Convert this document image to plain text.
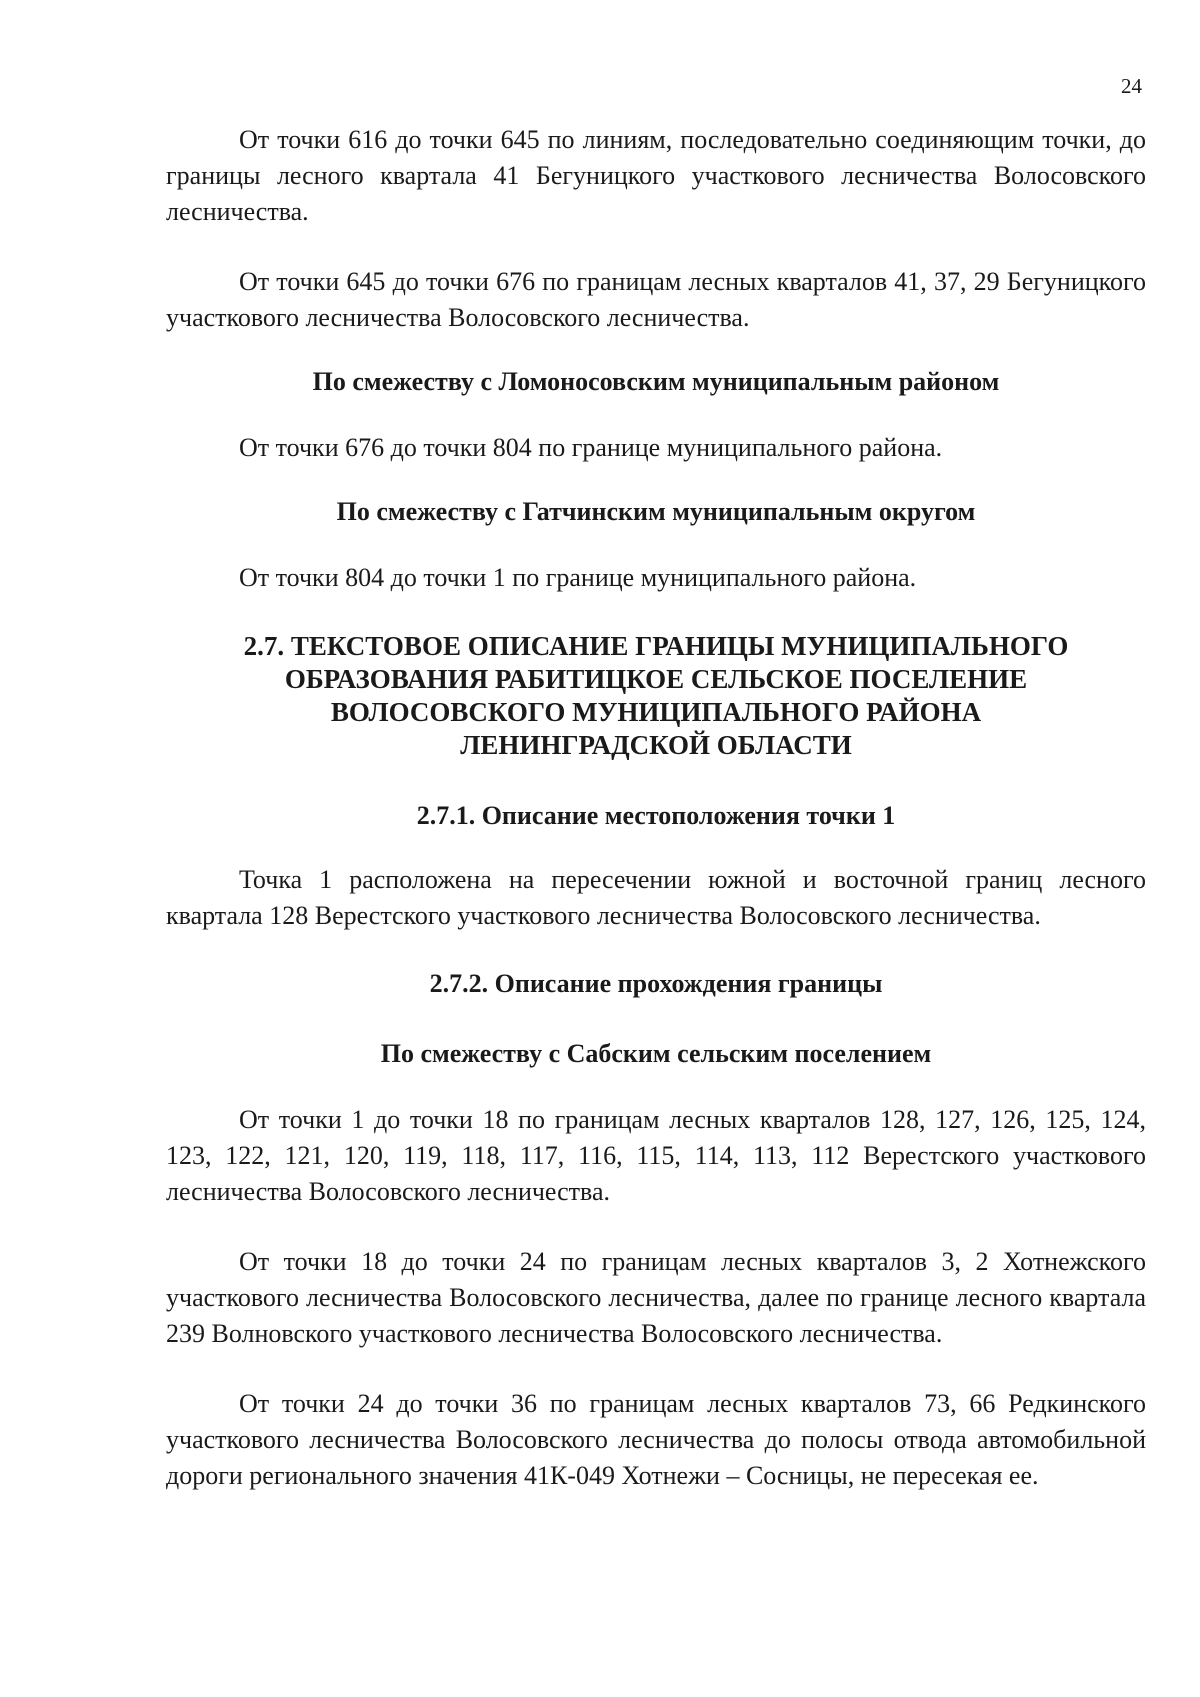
24

От точки 616 до точки 645 по линиям, последовательно соединяющим точки, до границы лесного квартала 41 Бегуницкого участкового лесничества Волосовского лесничества.

От точки 645 до точки 676 по границам лесных кварталов 41, 37, 29 Бегуницкого участкового лесничества Волосовского лесничества.

По смежеству с Ломоносовским муниципальным районом

От точки 676 до точки 804 по границе муниципального района.

По смежеству с Гатчинским муниципальным округом

От точки 804 до точки 1 по границе муниципального района.

2.7. ТЕКСТОВОЕ ОПИСАНИЕ ГРАНИЦЫ МУНИЦИПАЛЬНОГО ОБРАЗОВАНИЯ РАБИТИЦКОЕ СЕЛЬСКОЕ ПОСЕЛЕНИЕ ВОЛОСОВСКОГО МУНИЦИПАЛЬНОГО РАЙОНА ЛЕНИНГРАДСКОЙ ОБЛАСТИ

2.7.1. Описание местоположения точки 1

Точка 1 расположена на пересечении южной и восточной границ лесного квартала 128 Верестского участкового лесничества Волосовского лесничества.

2.7.2. Описание прохождения границы

По смежеству с Сабским сельским поселением

От точки 1 до точки 18 по границам лесных кварталов 128, 127, 126, 125, 124, 123, 122, 121, 120, 119, 118, 117, 116, 115, 114, 113, 112 Верестского участкового лесничества Волосовского лесничества.

От точки 18 до точки 24 по границам лесных кварталов 3, 2 Хотнежского участкового лесничества Волосовского лесничества, далее по границе лесного квартала 239 Волновского участкового лесничества Волосовского лесничества.

От точки 24 до точки 36 по границам лесных кварталов 73, 66 Редкинского участкового лесничества Волосовского лесничества до полосы отвода автомобильной дороги регионального значения 41К-049 Хотнежи – Сосницы, не пересекая ее.
